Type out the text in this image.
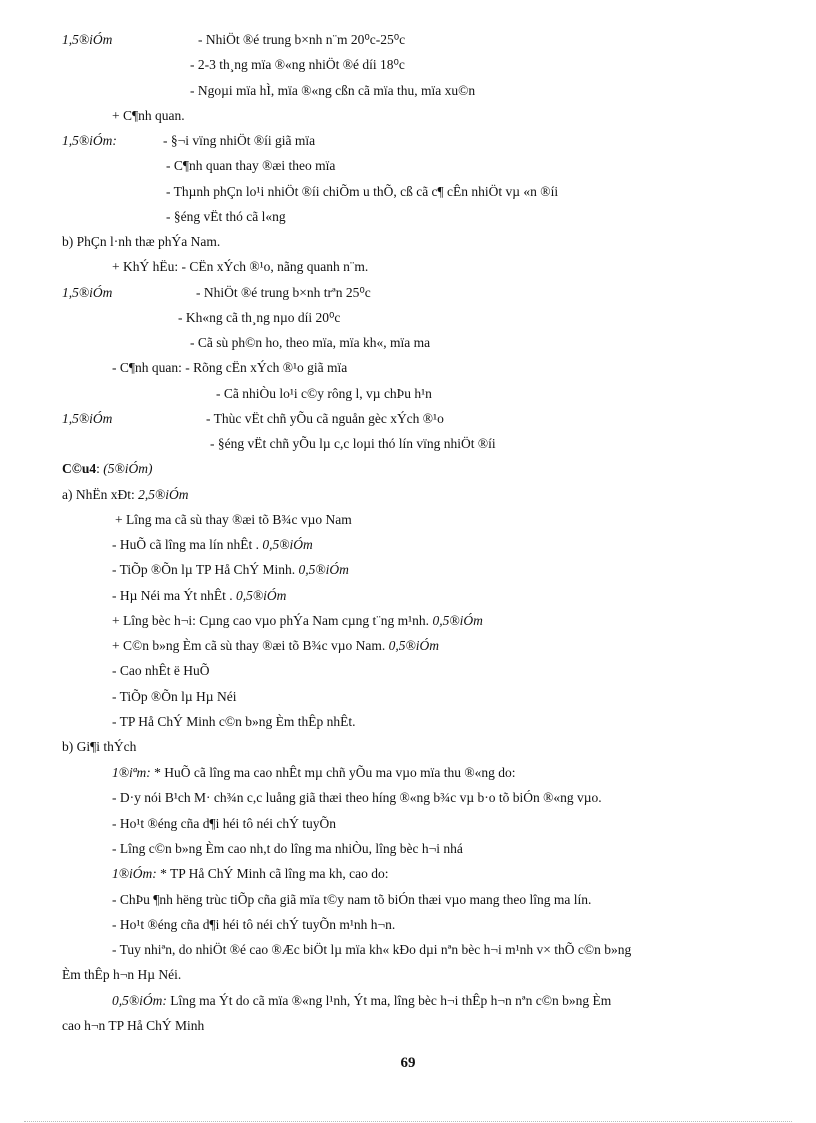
1,5®iÓm	- NhiÖt ®é trung b×nh n¨m 20⁰c-25⁰c
- 2-3 th¸ng mïa ®«ng nhiÖt ®é díi 18⁰c
- Ngoµi mïa hÌ, mïa ®«ng cßn cã mïa thu, mïa xu©n
+ C¶nh quan.
1,5®iÓm:	- §¬i vïng nhiÖt ®íi giã mïa
- C¶nh quan thay ®æi theo mïa
- Thµnh phÇn lo¹i nhiÖt ®íi chiÕm u thÕ, cß cã c¶ cÊn nhiÖt vµ «n ®íi
- §éng vËt thó cã l«ng
b) PhÇn l·nh thæ phÝa Nam.
+ KhÝ hËu: - CËn xÝch ®¹o, nãng quanh n¨m.
1,5®iÓm	- NhiÖt ®é trung b×nh trªn 25⁰c
- Kh«ng cã th¸ng nµo díi 20⁰c
- Cã sù ph©n ho, theo mïa, mïa kh«, mïa ma
- C¶nh quan: - Rõng cËn xÝch ®¹o giã mïa
- Cã nhiÒu lo¹i c©y rông l, vµ chÞu h¹n
1,5®iÓm	- Thùc vËt chñ yÕu cã nguån gèc xÝch ®¹o
- §éng vËt chñ yÕu lµ c,c loµi thó lín vïng nhiÖt ®íi
C©u4: (5®iÓm)
a) NhËn xÐt: 2,5®iÓm
+ Lîng ma cã sù thay ®æi tõ B¾c vµo Nam
- HuÕ cã lîng ma lín nhÊt . 0,5®iÓm
- TiÕp ®Õn lµ TP Hå ChÝ Minh. 0,5®iÓm
- Hµ Néi ma Ýt nhÊt . 0,5®iÓm
+ Lîng bèc h¬i: Cµng cao vµo phÝa Nam cµng t¨ng m¹nh. 0,5®iÓm
+ C©n b»ng Èm cã sù thay ®æi tõ B¾c vµo Nam. 0,5®iÓm
- Cao nhÊt ë HuÕ
- TiÕp ®Õn lµ Hµ Néi
- TP Hå ChÝ Minh c©n b»ng Èm thÊp nhÊt.
b) Gi¶i thÝch
1®iªm: * HuÕ cã lîng ma cao nhÊt mµ chñ yÕu ma vµo mïa thu ®«ng do:
- D·y nói B¹ch M· ch¾n c,c luång giã thæi theo híng ®«ng b¾c vµ b·o tõ biÓn ®«ng vµo.
- Ho¹t ®éng cña d¶i héi tô néi chÝ tuyÕn
- Lîng c©n b»ng Èm cao nh,t do lîng ma nhiÒu, lîng bèc h¬i nhá
1®iÓm: * TP Hå ChÝ Minh cã lîng ma kh, cao do:
- ChÞu ¶nh hëng trùc tiÕp cña giã mïa t©y nam tõ biÓn thæi vµo mang theo lîng ma lín.
- Ho¹t ®éng cña d¶i héi tô néi chÝ tuyÕn m¹nh h¬n.
- Tuy nhiªn, do nhiÖt ®é cao ®Æc biÖt lµ mïa kh« kÐo dµi nªn bèc h¬i m¹nh v× thÕ c©n b»ng
Èm thÊp h¬n Hµ Néi.
0,5®iÓm: Lîng ma Ýt do cã mïa ®«ng l¹nh, Ýt ma, lîng bèc h¬i thÊp h¬n nªn c©n b»ng Èm
cao h¬n TP Hå ChÝ Minh
69
